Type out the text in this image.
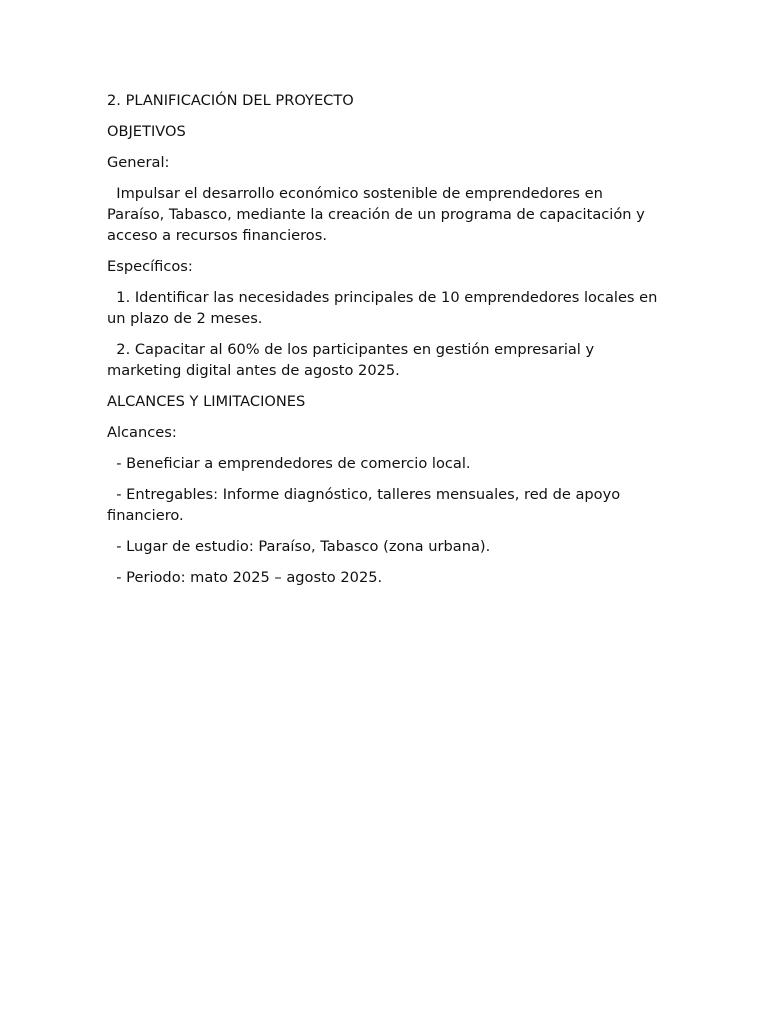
2. PLANIFICACIÓN DEL PROYECTO

OBJETIVOS

General:

Impulsar el desarrollo económico sostenible de emprendedores en Paraíso, Tabasco, mediante la creación de un programa de capacitación y acceso a recursos financieros.

Específicos:

1. Identificar las necesidades principales de 10 emprendedores locales en un plazo de 2 meses.

2. Capacitar al 60% de los participantes en gestión empresarial y marketing digital antes de agosto 2025.

ALCANCES Y LIMITACIONES

Alcances:

- Beneficiar a emprendedores de comercio local.

- Entregables: Informe diagnóstico, talleres mensuales, red de apoyo financiero.

- Lugar de estudio: Paraíso, Tabasco (zona urbana).

- Periodo: mato 2025 – agosto 2025.
